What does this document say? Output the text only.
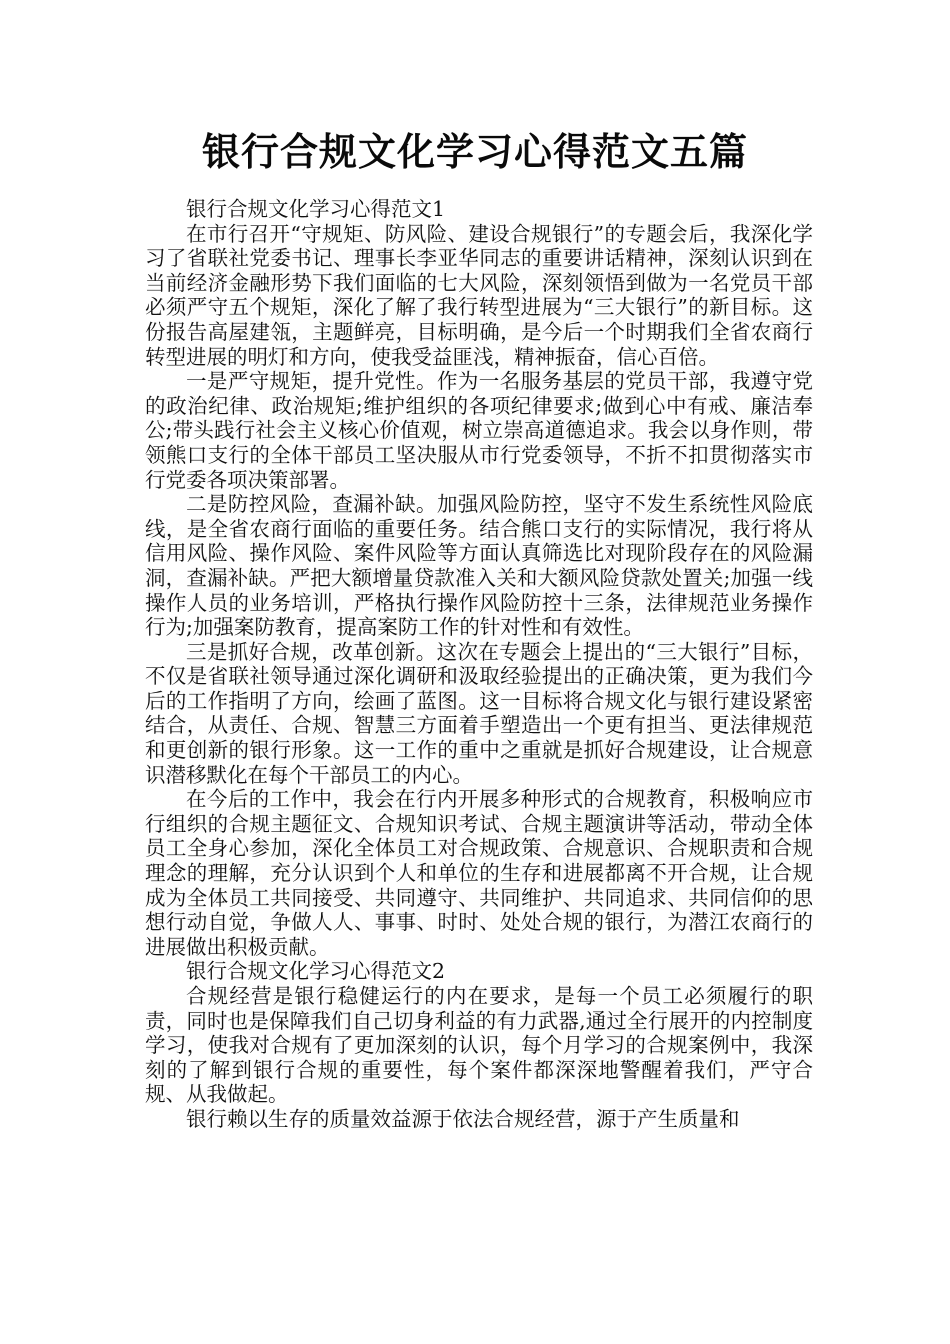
银行合规文化学习心得范文五篇

银行合规文化学习心得范文1

在市行召开“守规矩、防风险、建设合规银行”的专题会后，我深化学习了省联社党委书记、理事长李亚华同志的重要讲话精神，深刻认识到在当前经济金融形势下我们面临的七大风险，深刻领悟到做为一名党员干部必须严守五个规矩，深化了解了我行转型进展为“三大银行”的新目标。这份报告高屋建瓴，主题鲜亮，目标明确，是今后一个时期我们全省农商行转型进展的明灯和方向，使我受益匪浅，精神振奋，信心百倍。

一是严守规矩，提升党性。作为一名服务基层的党员干部，我遵守党的政治纪律、政治规矩;维护组织的各项纪律要求;做到心中有戒、廉洁奉公;带头践行社会主义核心价值观，树立崇高道德追求。我会以身作则，带领熊口支行的全体干部员工坚决服从市行党委领导，不折不扣贯彻落实市行党委各项决策部署。

二是防控风险，查漏补缺。加强风险防控，坚守不发生系统性风险底线，是全省农商行面临的重要任务。结合熊口支行的实际情况，我行将从信用风险、操作风险、案件风险等方面认真筛选比对现阶段存在的风险漏洞，查漏补缺。严把大额增量贷款准入关和大额风险贷款处置关;加强一线操作人员的业务培训，严格执行操作风险防控十三条，法律规范业务操作行为;加强案防教育，提高案防工作的针对性和有效性。

三是抓好合规，改革创新。这次在专题会上提出的“三大银行”目标，不仅是省联社领导通过深化调研和汲取经验提出的正确决策，更为我们今后的工作指明了方向，绘画了蓝图。这一目标将合规文化与银行建设紧密结合，从责任、合规、智慧三方面着手塑造出一个更有担当、更法律规范和更创新的银行形象。这一工作的重中之重就是抓好合规建设，让合规意识潜移默化在每个干部员工的内心。

在今后的工作中，我会在行内开展多种形式的合规教育，积极响应市行组织的合规主题征文、合规知识考试、合规主题演讲等活动，带动全体员工全身心参加，深化全体员工对合规政策、合规意识、合规职责和合规理念的理解，充分认识到个人和单位的生存和进展都离不开合规，让合规成为全体员工共同接受、共同遵守、共同维护、共同追求、共同信仰的思想行动自觉，争做人人、事事、时时、处处合规的银行，为潜江农商行的进展做出积极贡献。

银行合规文化学习心得范文2

合规经营是银行稳健运行的内在要求，是每一个员工必须履行的职责，同时也是保障我们自己切身利益的有力武器,通过全行展开的内控制度学习，使我对合规有了更加深刻的认识，每个月学习的合规案例中，我深刻的了解到银行合规的重要性，每个案件都深深地警醒着我们，严守合规、从我做起。

银行赖以生存的质量效益源于依法合规经营，源于产生质量和
